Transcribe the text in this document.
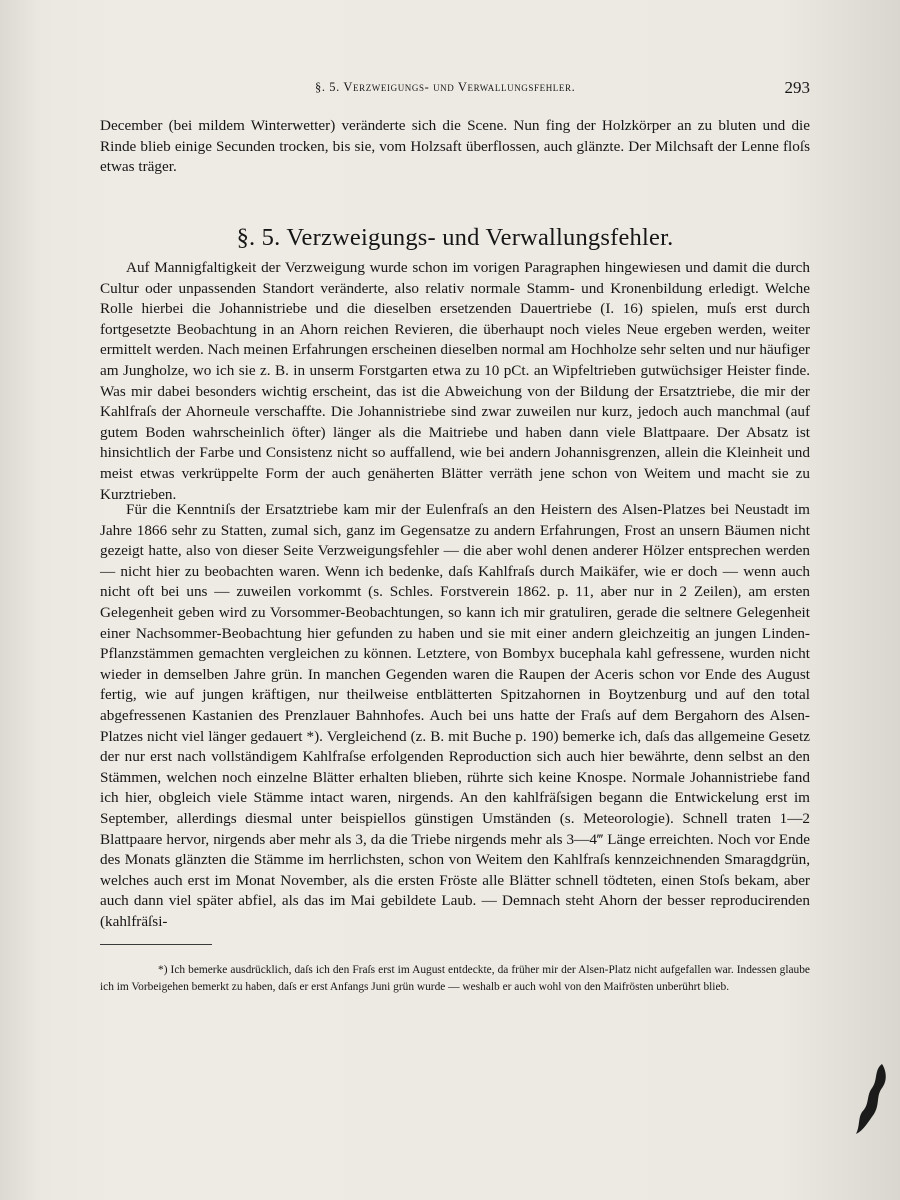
§. 5. Verzweigungs- und Verwallungsfehler.	293

December (bei mildem Winterwetter) veränderte sich die Scene. Nun fing der Holzkörper an zu bluten und die Rinde blieb einige Secunden trocken, bis sie, vom Holzsaft überflossen, auch glänzte. Der Milchsaft der Lenne floſs etwas träger.

§. 5. Verzweigungs- und Verwallungsfehler.

Auf Mannigfaltigkeit der Verzweigung wurde schon im vorigen Paragraphen hingewiesen und damit die durch Cultur oder unpassenden Standort veränderte, also relativ normale Stamm- und Kronenbildung erledigt. Welche Rolle hierbei die Johannistriebe und die dieselben ersetzenden Dauertriebe (I. 16) spielen, muſs erst durch fortgesetzte Beobachtung in an Ahorn reichen Revieren, die überhaupt noch vieles Neue ergeben werden, weiter ermittelt werden. Nach meinen Erfahrungen erscheinen dieselben normal am Hochholze sehr selten und nur häufiger am Jungholze, wo ich sie z. B. in unserm Forstgarten etwa zu 10 pCt. an Wipfeltrieben gutwüchsiger Heister finde. Was mir dabei besonders wichtig erscheint, das ist die Abweichung von der Bildung der Ersatztriebe, die mir der Kahlfraſs der Ahorneule verschaffte. Die Johannistriebe sind zwar zuweilen nur kurz, jedoch auch manchmal (auf gutem Boden wahrscheinlich öfter) länger als die Maitriebe und haben dann viele Blattpaare. Der Absatz ist hinsichtlich der Farbe und Consistenz nicht so auffallend, wie bei andern Johannisgrenzen, allein die Kleinheit und meist etwas verkrüppelte Form der auch genäherten Blätter verräth jene schon von Weitem und macht sie zu Kurztrieben.

Für die Kenntniſs der Ersatztriebe kam mir der Eulenfraſs an den Heistern des Alsen-Platzes bei Neustadt im Jahre 1866 sehr zu Statten, zumal sich, ganz im Gegensatze zu andern Erfahrungen, Frost an unsern Bäumen nicht gezeigt hatte, also von dieser Seite Verzweigungsfehler — die aber wohl denen anderer Hölzer entsprechen werden — nicht hier zu beobachten waren. Wenn ich bedenke, daſs Kahlfraſs durch Maikäfer, wie er doch — wenn auch nicht oft bei uns — zuweilen vorkommt (s. Schles. Forstverein 1862. p. 11, aber nur in 2 Zeilen), am ersten Gelegenheit geben wird zu Vorsommer-Beobachtungen, so kann ich mir gratuliren, gerade die seltnere Gelegenheit einer Nachsommer-Beobachtung hier gefunden zu haben und sie mit einer andern gleichzeitig an jungen Linden-Pflanzstämmen gemachten vergleichen zu können. Letztere, von Bombyx bucephala kahl gefressene, wurden nicht wieder in demselben Jahre grün. In manchen Gegenden waren die Raupen der Aceris schon vor Ende des August fertig, wie auf jungen kräftigen, nur theilweise entblätterten Spitzahornen in Boytzenburg und auf den total abgefressenen Kastanien des Prenzlauer Bahnhofes. Auch bei uns hatte der Fraſs auf dem Bergahorn des Alsen-Platzes nicht viel länger gedauert *). Vergleichend (z. B. mit Buche p. 190) bemerke ich, daſs das allgemeine Gesetz der nur erst nach vollständigem Kahlfraſse erfolgenden Reproduction sich auch hier bewährte, denn selbst an den Stämmen, welchen noch einzelne Blätter erhalten blieben, rührte sich keine Knospe. Normale Johannistriebe fand ich hier, obgleich viele Stämme intact waren, nirgends. An den kahlfräſsigen begann die Entwickelung erst im September, allerdings diesmal unter beispiellos günstigen Umständen (s. Meteorologie). Schnell traten 1—2 Blattpaare hervor, nirgends aber mehr als 3, da die Triebe nirgends mehr als 3—4‴ Länge erreichten. Noch vor Ende des Monats glänzten die Stämme im herrlichsten, schon von Weitem den Kahlfraſs kennzeichnenden Smaragdgrün, welches auch erst im Monat November, als die ersten Fröste alle Blätter schnell tödteten, einen Stoſs bekam, aber auch dann viel später abfiel, als das im Mai gebildete Laub. — Demnach steht Ahorn der besser reproducirenden (kahlfräſsi-

*) Ich bemerke ausdrücklich, daſs ich den Fraſs erst im August entdeckte, da früher mir der Alsen-Platz nicht aufgefallen war. Indessen glaube ich im Vorbeigehen bemerkt zu haben, daſs er erst Anfangs Juni grün wurde — weshalb er auch wohl von den Maifrösten unberührt blieb.
